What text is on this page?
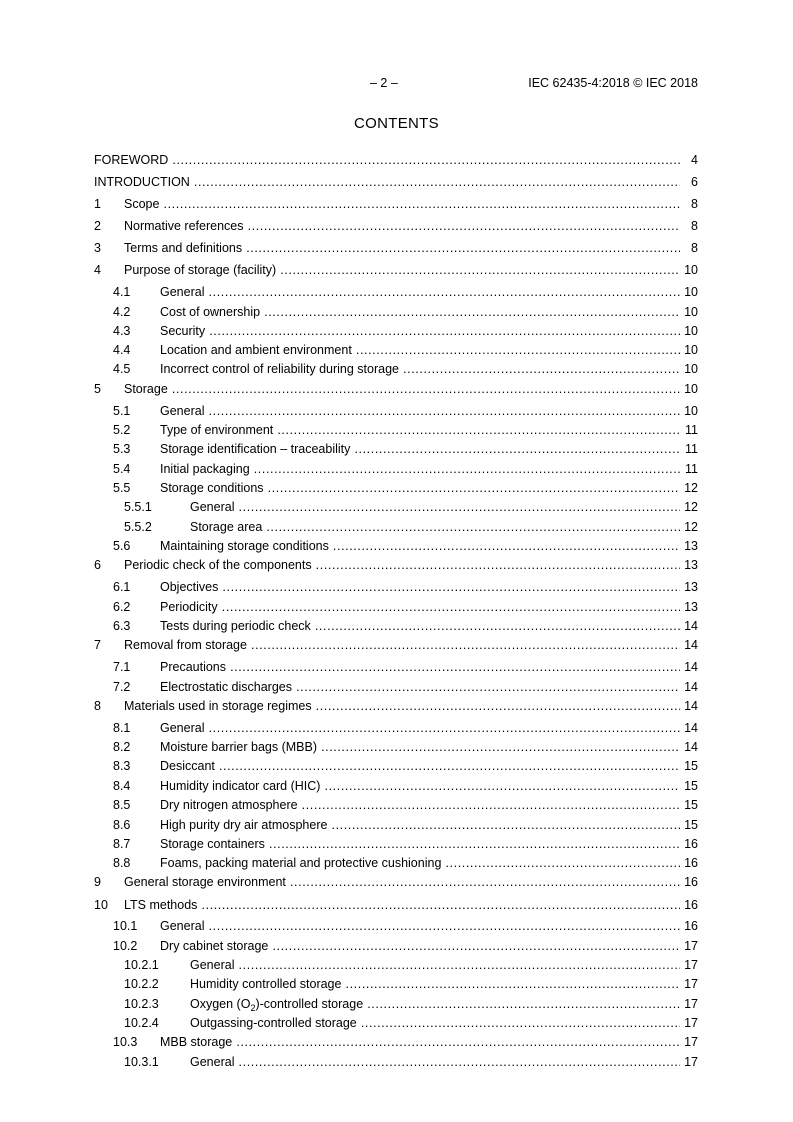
– 2 –	IEC 62435-4:2018 © IEC 2018
CONTENTS
FOREWORD .....	4
INTRODUCTION .....	6
1 Scope .....	8
2 Normative references .....	8
3 Terms and definitions .....	8
4 Purpose of storage (facility) .....	10
4.1 General .....	10
4.2 Cost of ownership .....	10
4.3 Security .....	10
4.4 Location and ambient environment .....	10
4.5 Incorrect control of reliability during storage .....	10
5 Storage .....	10
5.1 General .....	10
5.2 Type of environment .....	11
5.3 Storage identification – traceability .....	11
5.4 Initial packaging .....	11
5.5 Storage conditions .....	12
5.5.1	General .....	12
5.5.2	Storage area .....	12
5.6 Maintaining storage conditions .....	13
6 Periodic check of the components .....	13
6.1 Objectives .....	13
6.2 Periodicity .....	13
6.3 Tests during periodic check .....	14
7 Removal from storage .....	14
7.1 Precautions .....	14
7.2 Electrostatic discharges .....	14
8 Materials used in storage regimes .....	14
8.1 General .....	14
8.2 Moisture barrier bags (MBB) .....	14
8.3 Desiccant .....	15
8.4 Humidity indicator card (HIC) .....	15
8.5 Dry nitrogen atmosphere .....	15
8.6 High purity dry air atmosphere .....	15
8.7 Storage containers .....	16
8.8 Foams, packing material and protective cushioning .....	16
9 General storage environment .....	16
10 LTS methods .....	16
10.1 General .....	16
10.2 Dry cabinet storage .....	17
10.2.1 General .....	17
10.2.2 Humidity controlled storage .....	17
10.2.3 Oxygen $(O_2)$-controlled storage .....	17
10.2.4 Outgassing-controlled storage .....	17
10.3 MBB storage .....	17
10.3.1 General .....	17
